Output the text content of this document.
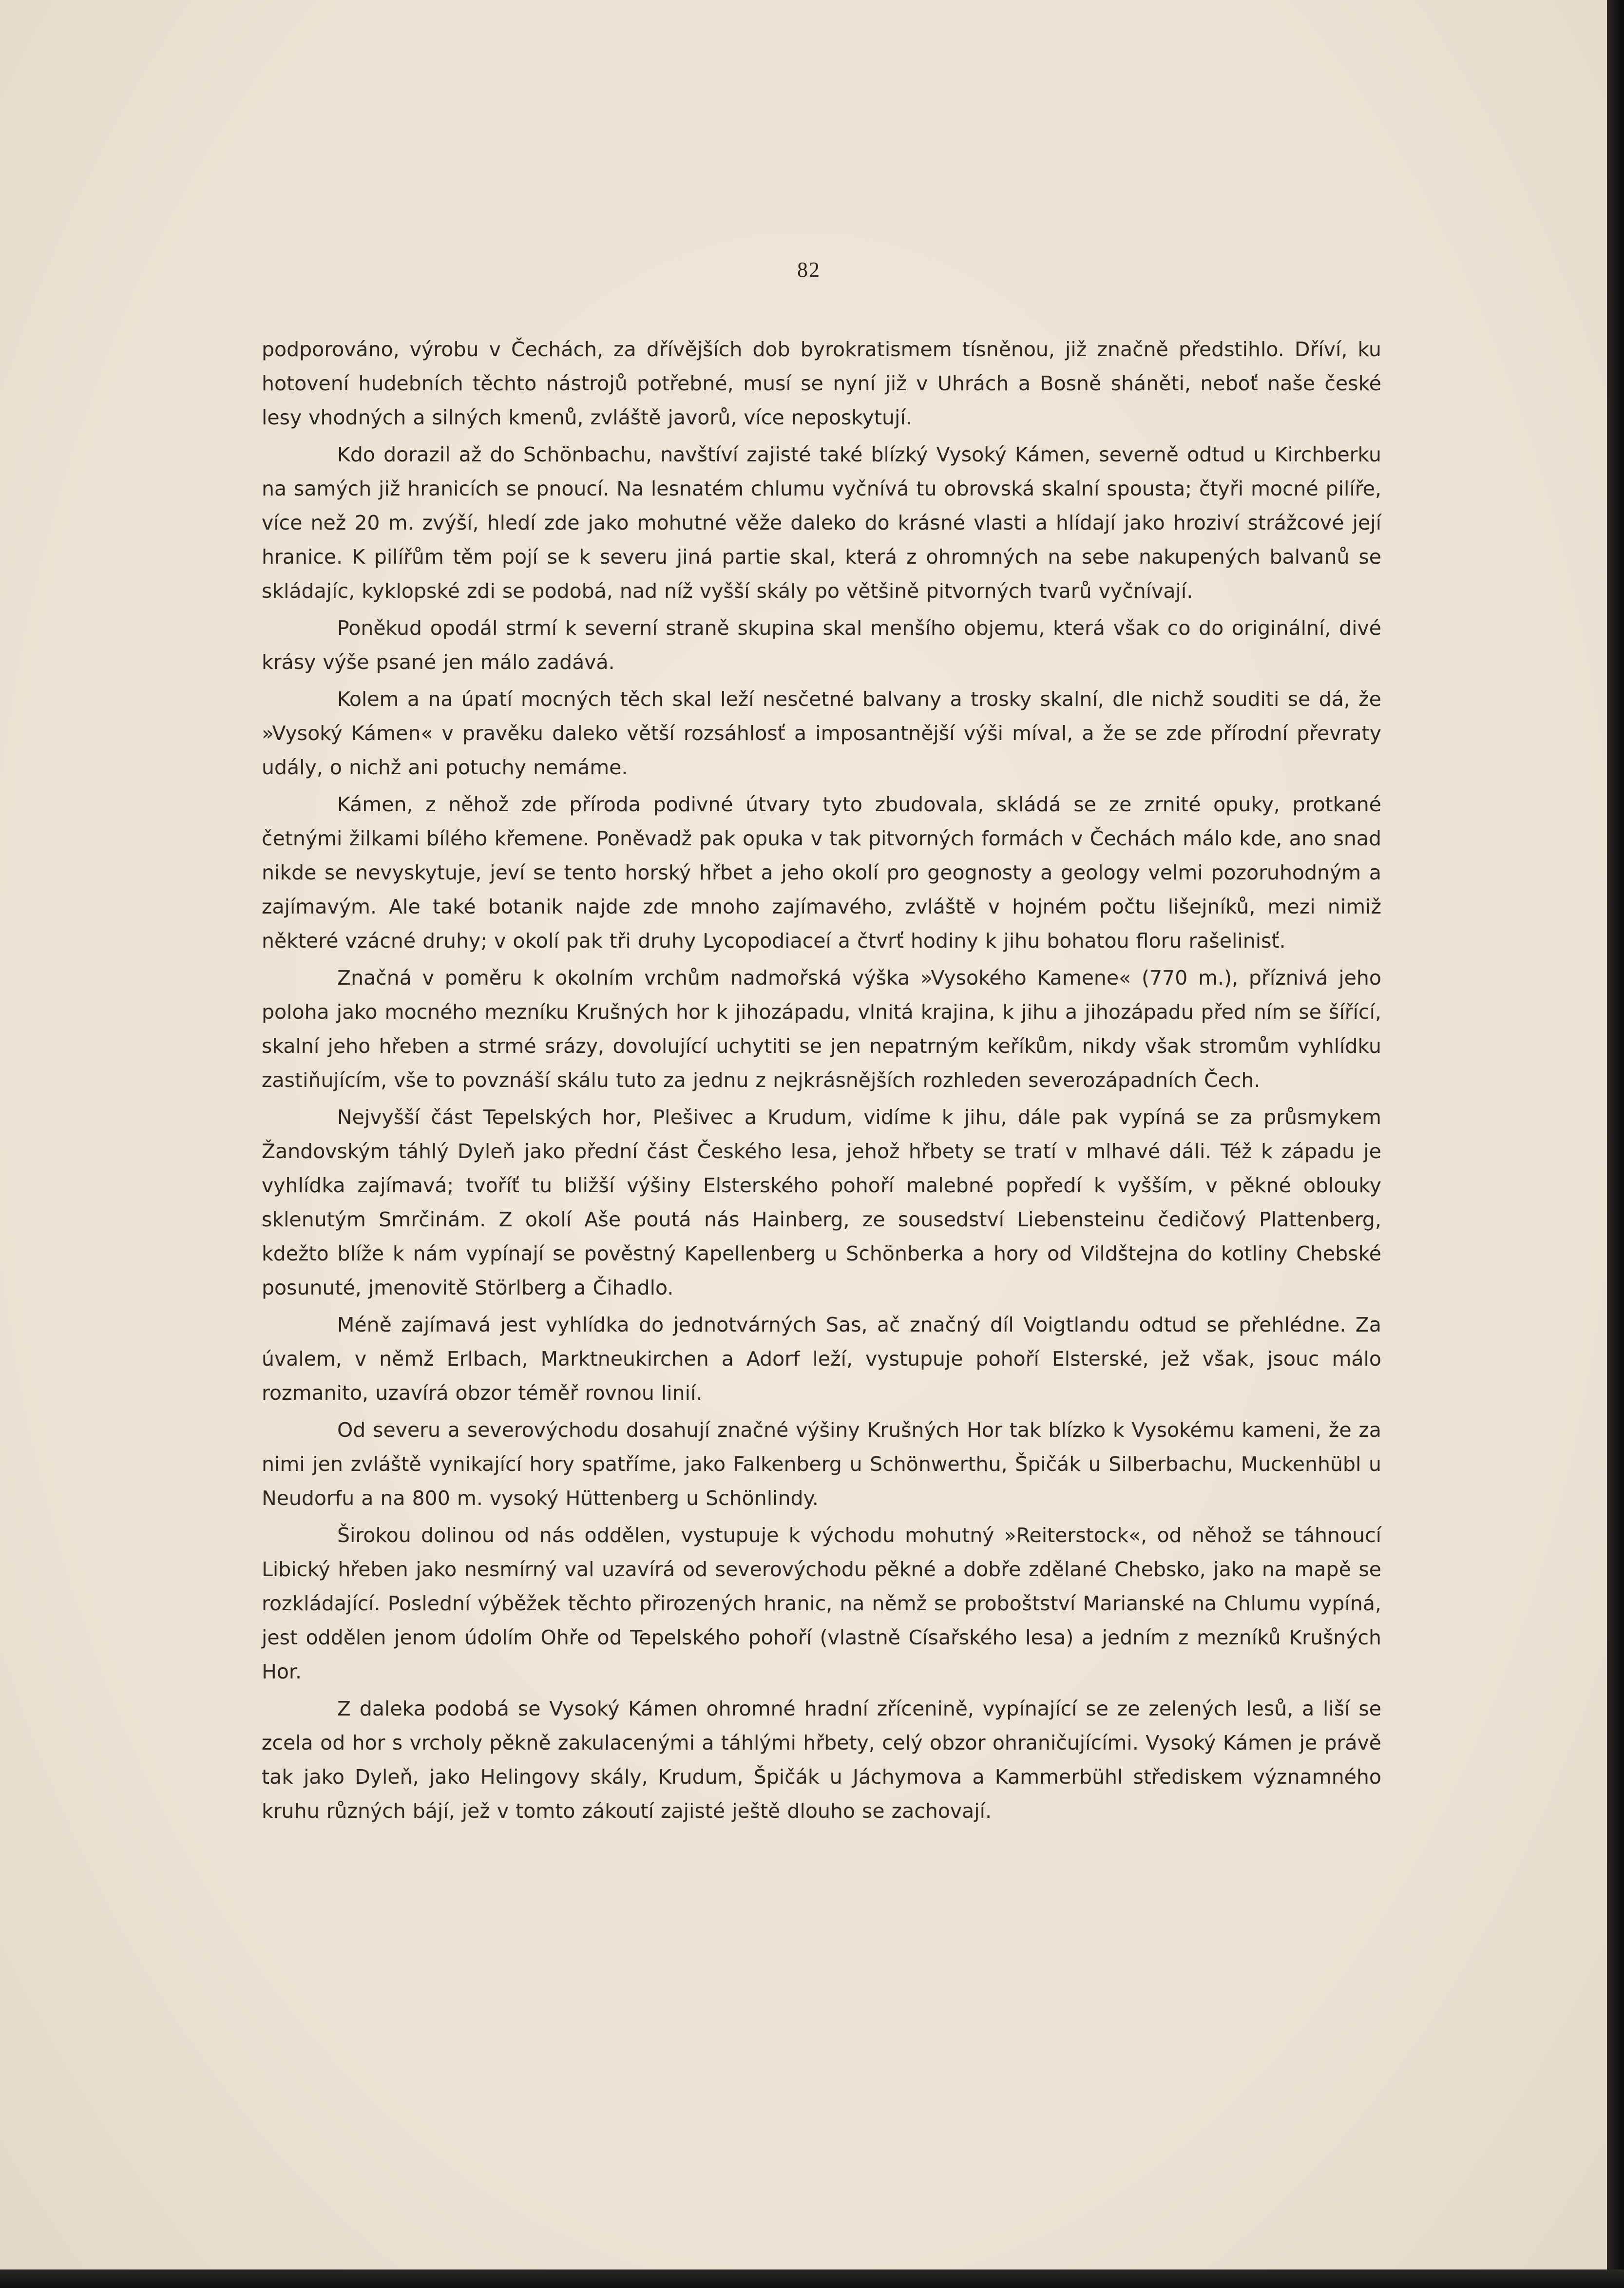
82

podporováno, výrobu v Čechách, za dřívějších dob byrokratismem tísněnou, již značně předstihlo. Dříví, ku hotovení hudebních těchto nástrojů potřebné, musí se nyní již v Uhrách a Bosně sháněti, neboť naše české lesy vhodných a silných kmenů, zvláště javorů, více neposkytují.

Kdo dorazil až do Schönbachu, navštíví zajisté také blízký Vysoký Kámen, severně odtud u Kirchberku na samých již hranicích se pnoucí. Na lesnatém chlumu vyčnívá tu obrovská skalní spousta; čtyři mocné pilíře, více než 20 m. zvýší, hledí zde jako mohutné věže daleko do krásné vlasti a hlídají jako hroziví strážcové její hranice. K pilířům těm pojí se k severu jiná partie skal, která z ohromných na sebe nakupených balvanů se skládajíc, kyklopské zdi se podobá, nad níž vyšší skály po většině pitvorných tvarů vyčnívají.

Poněkud opodál strmí k severní straně skupina skal menšího objemu, která však co do originální, divé krásy výše psané jen málo zadává.

Kolem a na úpatí mocných těch skal leží nesčetné balvany a trosky skalní, dle nichž souditi se dá, že »Vysoký Kámen« v pravěku daleko větší rozsáhlosť a imposantnější výši míval, a že se zde přírodní převraty udály, o nichž ani potuchy nemáme.

Kámen, z něhož zde příroda podivné útvary tyto zbudovala, skládá se ze zrnité opuky, protkané četnými žilkami bílého křemene. Poněvadž pak opuka v tak pitvorných formách v Čechách málo kde, ano snad nikde se nevyskytuje, jeví se tento horský hřbet a jeho okolí pro geognosty a geology velmi pozoruhodným a zajímavým. Ale také botanik najde zde mnoho zajímavého, zvláště v hojném počtu lišejníků, mezi nimiž některé vzácné druhy; v okolí pak tři druhy Lycopodiaceí a čtvrť hodiny k jihu bohatou floru rašelinisť.

Značná v poměru k okolním vrchům nadmořská výška »Vysokého Kamene« (770 m.), příznivá jeho poloha jako mocného mezníku Krušných hor k jihozápadu, vlnitá krajina, k jihu a jihozápadu před ním se šířící, skalní jeho hřeben a strmé srázy, dovolující uchytiti se jen nepatrným keříkům, nikdy však stromům vyhlídku zastiňujícím, vše to povznáší skálu tuto za jednu z nejkrásnějších rozhleden severozápadních Čech.

Nejvyšší část Tepelských hor, Plešivec a Krudum, vidíme k jihu, dále pak vypíná se za průsmykem Žandovským táhlý Dyleň jako přední část Českého lesa, jehož hřbety se tratí v mlhavé dáli. Též k západu je vyhlídka zajímavá; tvoříť tu bližší výšiny Elsterského pohoří malebné popředí k vyšším, v pěkné oblouky sklenutým Smrčinám. Z okolí Aše poutá nás Hainberg, ze sousedství Liebensteinu čedičový Plattenberg, kdežto blíže k nám vypínají se pověstný Kapellenberg u Schönberka a hory od Vildštejna do kotliny Chebské posunuté, jmenovitě Störlberg a Čihadlo.

Méně zajímavá jest vyhlídka do jednotvárných Sas, ač značný díl Voigtlandu odtud se přehlédne. Za úvalem, v němž Erlbach, Marktneukirchen a Adorf leží, vystupuje pohoří Elsterské, jež však, jsouc málo rozmanito, uzavírá obzor téměř rovnou linií.

Od severu a severovýchodu dosahují značné výšiny Krušných Hor tak blízko k Vysokému kameni, že za nimi jen zvláště vynikající hory spatříme, jako Falkenberg u Schönwerthu, Špičák u Silberbachu, Muckenhübl u Neudorfu a na 800 m. vysoký Hüttenberg u Schönlindy.

Širokou dolinou od nás oddělen, vystupuje k východu mohutný »Reiterstock«, od něhož se táhnoucí Libický hřeben jako nesmírný val uzavírá od severovýchodu pěkné a dobře zdělané Chebsko, jako na mapě se rozkládající. Poslední výběžek těchto přirozených hranic, na němž se proboštství Marianské na Chlumu vypíná, jest oddělen jenom údolím Ohře od Tepelského pohoří (vlastně Císařského lesa) a jedním z mezníků Krušných Hor.

Z daleka podobá se Vysoký Kámen ohromné hradní zřícenině, vypínající se ze zelených lesů, a liší se zcela od hor s vrcholy pěkně zakulacenými a táhlými hřbety, celý obzor ohraničujícími. Vysoký Kámen je právě tak jako Dyleň, jako Helingovy skály, Krudum, Špičák u Jáchymova a Kammerbühl střediskem významného kruhu různých bájí, jež v tomto zákoutí zajisté ještě dlouho se zachovají.
